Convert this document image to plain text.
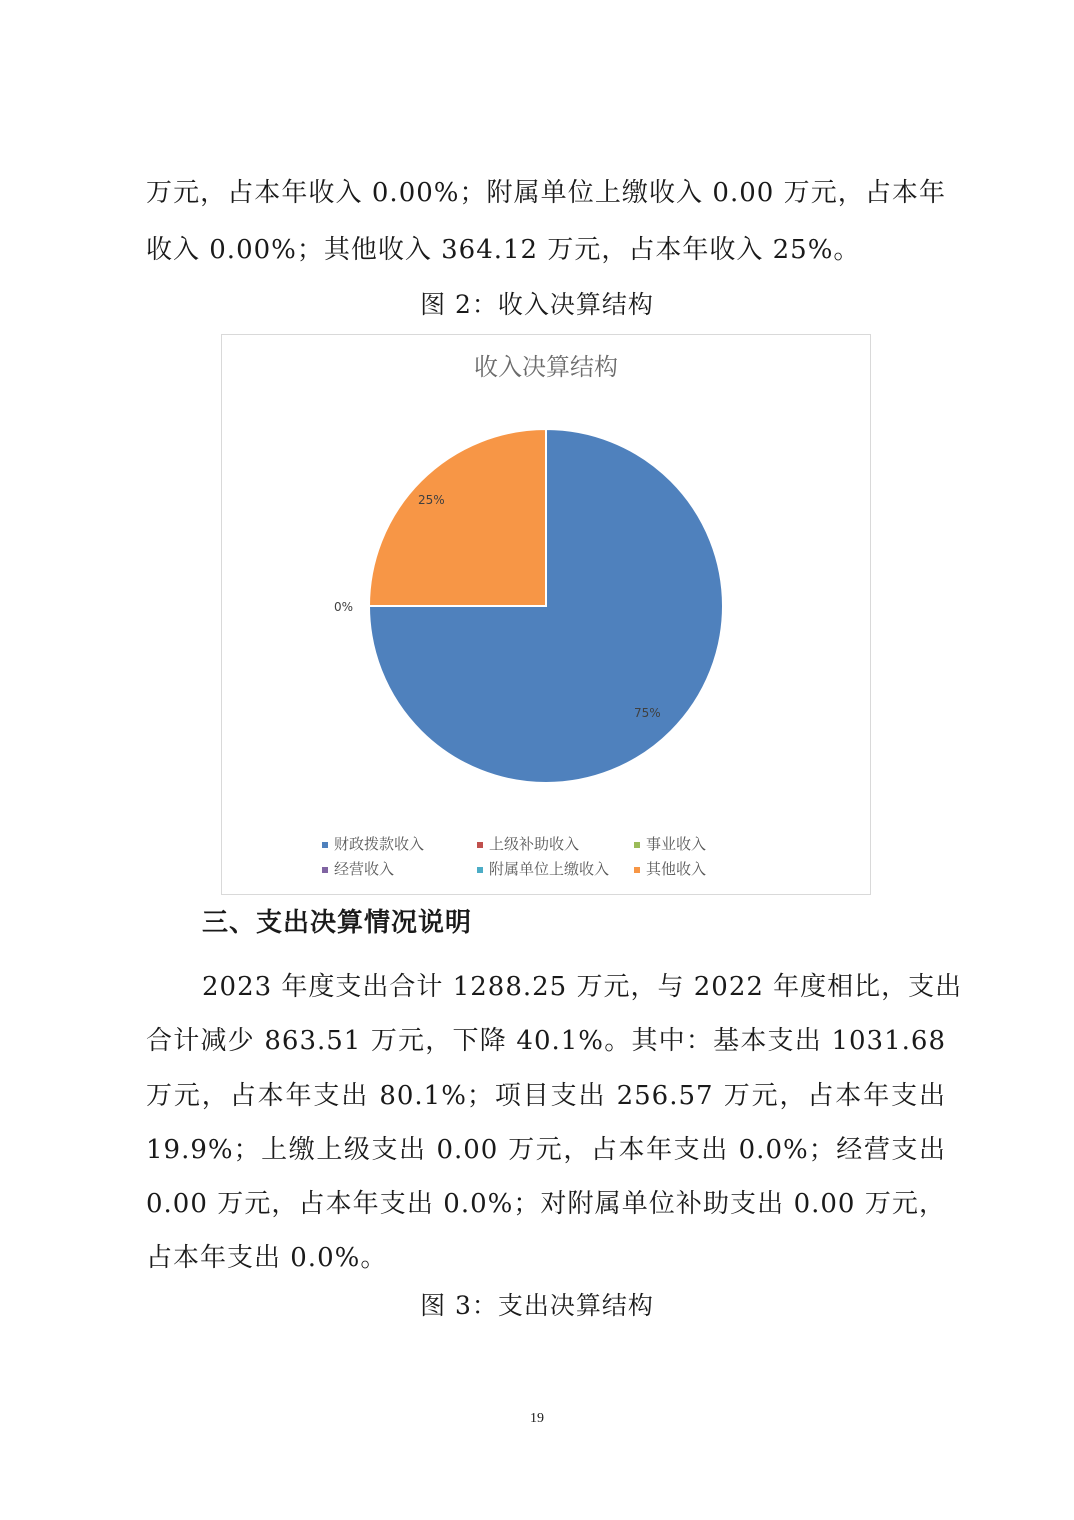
万元，占本年收入 0.00%；附属单位上缴收入 0.00 万元，占本年
收入 0.00%；其他收入 364.12 万元，占本年收入 25%。
图 2：收入决算结构
收入决算结构
75%
0%
25%
财政拨款收入	上级补助收入	事业收入
经营收入	附属单位上缴收入	其他收入
三、支出决算情况说明
2023 年度支出合计 1288.25 万元，与 2022 年度相比，支出
合计减少 863.51 万元，下降 40.1%。其中：基本支出 1031.68
万元，占本年支出 80.1%；项目支出 256.57 万元，占本年支出
19.9%；上缴上级支出 0.00 万元，占本年支出 0.0%；经营支出
0.00 万元，占本年支出 0.0%；对附属单位补助支出 0.00 万元，
占本年支出 0.0%。
图 3：支出决算结构
19
